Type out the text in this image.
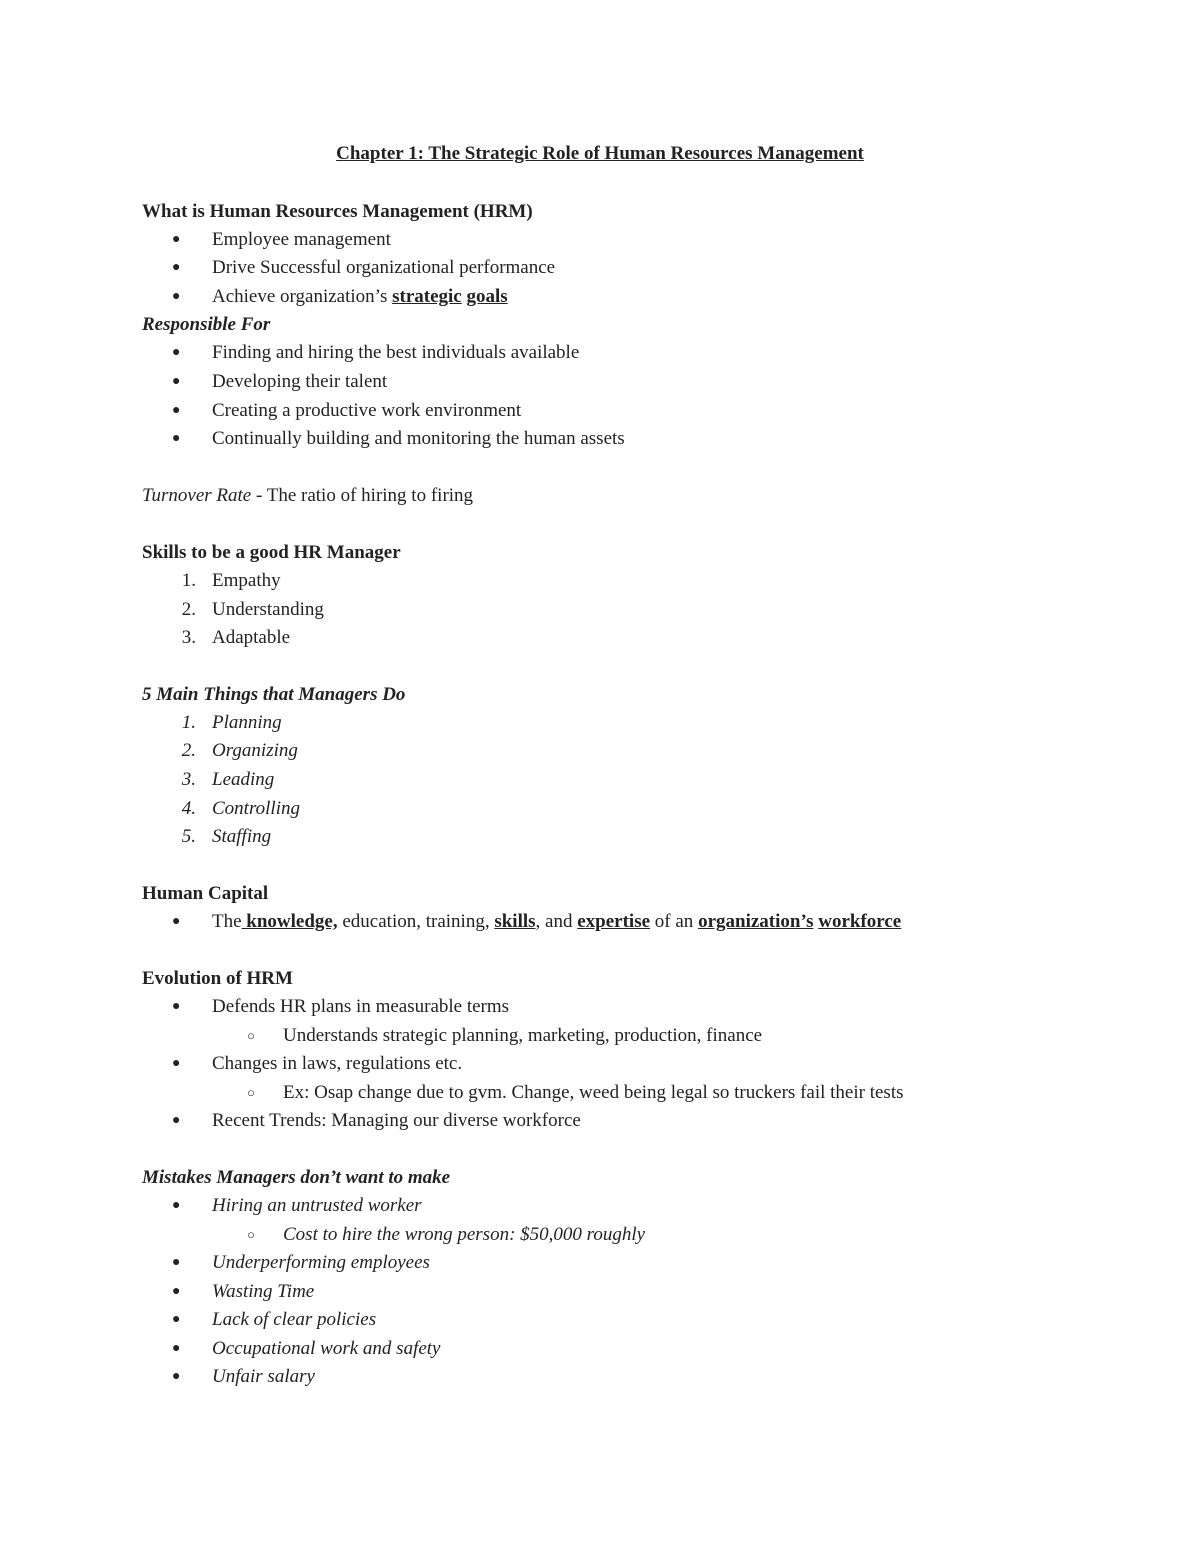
Chapter 1: The Strategic Role of Human Resources Management
What is Human Resources Management (HRM)
● Employee management
● Drive Successful organizational performance
● Achieve organization’s strategic goals
Responsible For
● Finding and hiring the best individuals available
● Developing their talent
● Creating a productive work environment
● Continually building and monitoring the human assets
Turnover Rate - The ratio of hiring to firing
Skills to be a good HR Manager
1. Empathy
2. Understanding
3. Adaptable
5 Main Things that Managers Do
1. Planning
2. Organizing
3. Leading
4. Controlling
5. Staffing
Human Capital
● The knowledge, education, training, skills, and expertise of an organization’s workforce
Evolution of HRM
● Defends HR plans in measurable terms
○ Understands strategic planning, marketing, production, finance
● Changes in laws, regulations etc.
○ Ex: Osap change due to gvm. Change, weed being legal so truckers fail their tests
● Recent Trends: Managing our diverse workforce
Mistakes Managers don’t want to make
● Hiring an untrusted worker
○ Cost to hire the wrong person: $50,000 roughly
● Underperforming employees
● Wasting Time
● Lack of clear policies
● Occupational work and safety
● Unfair salary
